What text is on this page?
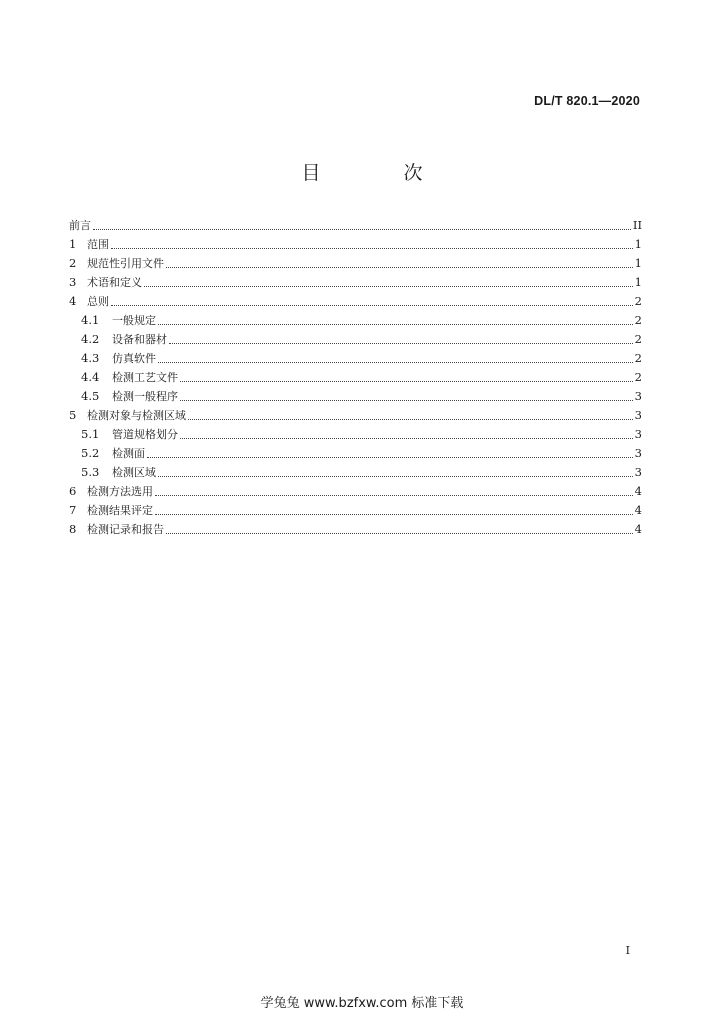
DL/T 820.1—2020
目　次
前言	II
1 范围	1
2 规范性引用文件	1
3 术语和定义	1
4 总则	2
4.1	一般规定	2
4.2	设备和器材	2
4.3	仿真软件	2
4.4	检测工艺文件	2
4.5	检测一般程序	3
5 检测对象与检测区域	3
5.1	管道规格划分	3
5.2	检测面	3
5.3	检测区域	3
6 检测方法选用	4
7 检测结果评定	4
8 检测记录和报告	4
I
学兔兔 www.bzfxw.com 标准下载
